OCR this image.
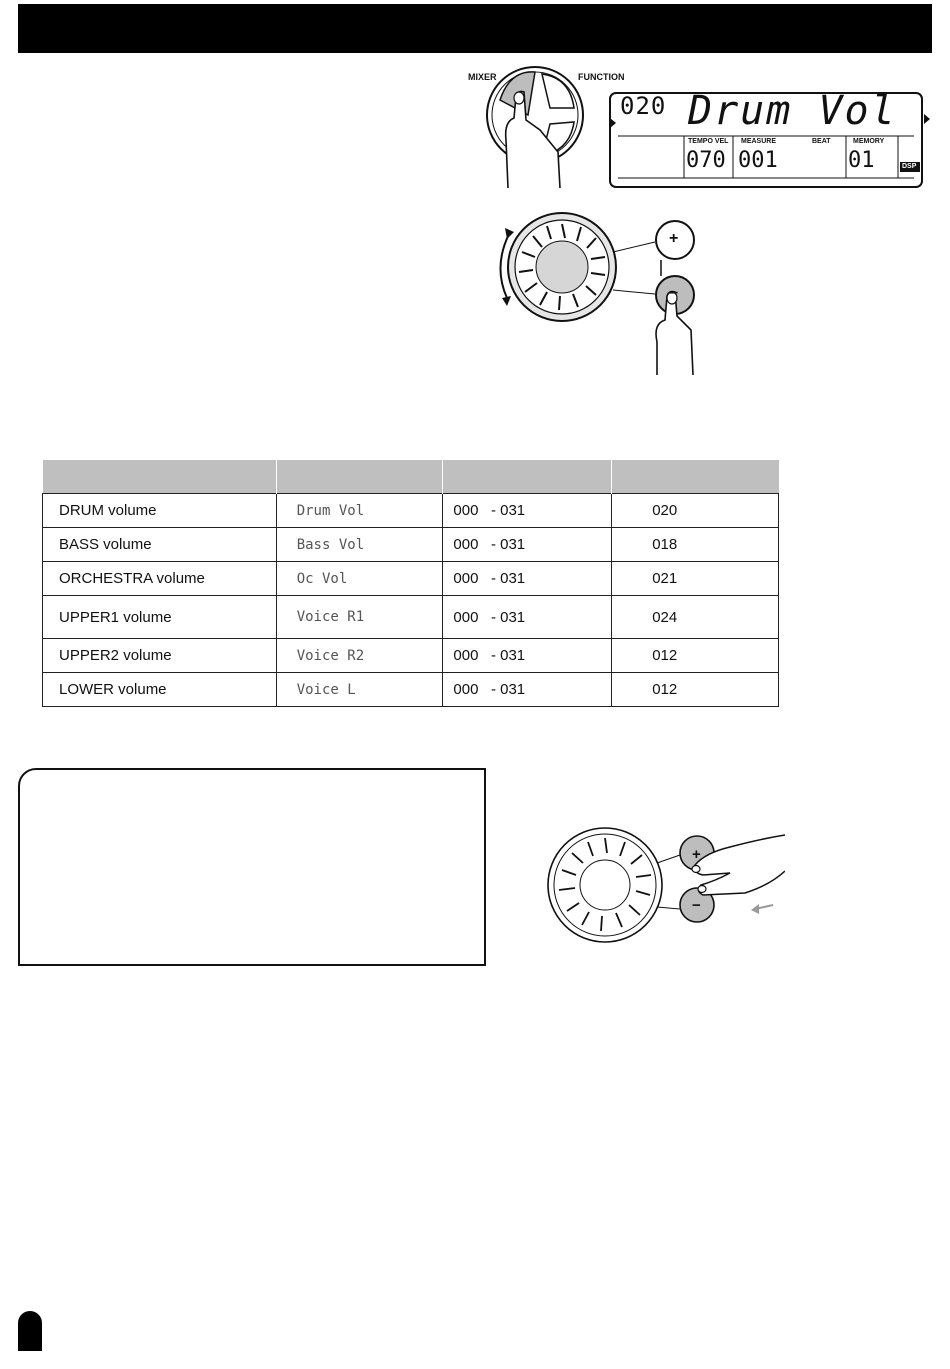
MIXER	FUNCTION
020 Drum Vol
TEMPO VEL
070
MEASURE
001
BEAT	MEMORY
01	DSP
+
−

DRUM volume	Drum Vol	000   - 031	020
BASS volume	Bass Vol	000   - 031	018
ORCHESTRA volume	Oc Vol	000   - 031	021
UPPER1 volume	Voice R1	000   - 031	024
UPPER2 volume	Voice R2	000   - 031	012
LOWER volume	Voice L	000   - 031	012
+
−
